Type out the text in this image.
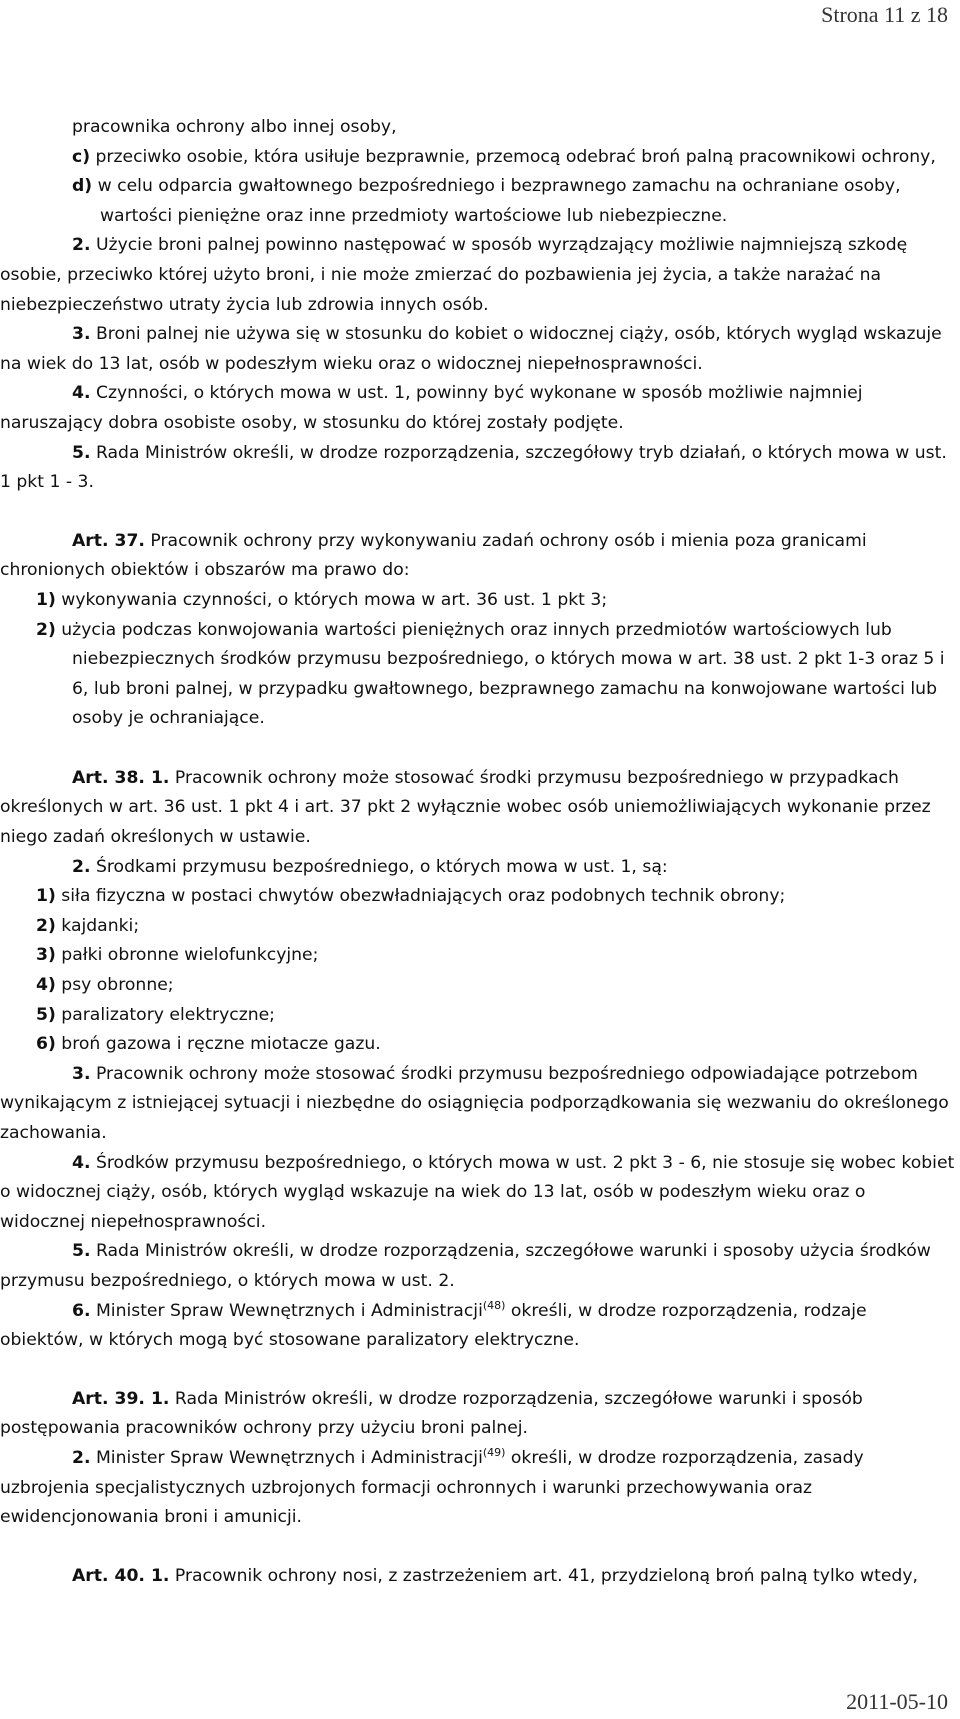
Strona 11 z 18

pracownika ochrony albo innej osoby,

c) przeciwko osobie, która usiłuje bezprawnie, przemocą odebrać broń palną pracownikowi ochrony,

d) w celu odparcia gwałtownego bezpośredniego i bezprawnego zamachu na ochraniane osoby, wartości pieniężne oraz inne przedmioty wartościowe lub niebezpieczne.

2. Użycie broni palnej powinno następować w sposób wyrządzający możliwie najmniejszą szkodę osobie, przeciwko której użyto broni, i nie może zmierzać do pozbawienia jej życia, a także narażać na niebezpieczeństwo utraty życia lub zdrowia innych osób.

3. Broni palnej nie używa się w stosunku do kobiet o widocznej ciąży, osób, których wygląd wskazuje na wiek do 13 lat, osób w podeszłym wieku oraz o widocznej niepełnosprawności.

4. Czynności, o których mowa w ust. 1, powinny być wykonane w sposób możliwie najmniej naruszający dobra osobiste osoby, w stosunku do której zostały podjęte.

5. Rada Ministrów określi, w drodze rozporządzenia, szczegółowy tryb działań, o których mowa w ust. 1 pkt 1 - 3.

Art. 37. Pracownik ochrony przy wykonywaniu zadań ochrony osób i mienia poza granicami chronionych obiektów i obszarów ma prawo do:

1) wykonywania czynności, o których mowa w art. 36 ust. 1 pkt 3;

2) użycia podczas konwojowania wartości pieniężnych oraz innych przedmiotów wartościowych lub niebezpiecznych środków przymusu bezpośredniego, o których mowa w art. 38 ust. 2 pkt 1-3 oraz 5 i 6, lub broni palnej, w przypadku gwałtownego, bezprawnego zamachu na konwojowane wartości lub osoby je ochraniające.

Art. 38. 1. Pracownik ochrony może stosować środki przymusu bezpośredniego w przypadkach określonych w art. 36 ust. 1 pkt 4 i art. 37 pkt 2 wyłącznie wobec osób uniemożliwiających wykonanie przez niego zadań określonych w ustawie.

2. Środkami przymusu bezpośredniego, o których mowa w ust. 1, są:

1) siła fizyczna w postaci chwytów obezwładniających oraz podobnych technik obrony;

2) kajdanki;

3) pałki obronne wielofunkcyjne;

4) psy obronne;

5) paralizatory elektryczne;

6) broń gazowa i ręczne miotacze gazu.

3. Pracownik ochrony może stosować środki przymusu bezpośredniego odpowiadające potrzebom wynikającym z istniejącej sytuacji i niezbędne do osiągnięcia podporządkowania się wezwaniu do określonego zachowania.

4. Środków przymusu bezpośredniego, o których mowa w ust. 2 pkt 3 - 6, nie stosuje się wobec kobiet o widocznej ciąży, osób, których wygląd wskazuje na wiek do 13 lat, osób w podeszłym wieku oraz o widocznej niepełnosprawności.

5. Rada Ministrów określi, w drodze rozporządzenia, szczegółowe warunki i sposoby użycia środków przymusu bezpośredniego, o których mowa w ust. 2.

6. Minister Spraw Wewnętrznych i Administracji$^{(48)}$ określi, w drodze rozporządzenia, rodzaje obiektów, w których mogą być stosowane paralizatory elektryczne.

Art. 39. 1. Rada Ministrów określi, w drodze rozporządzenia, szczegółowe warunki i sposób postępowania pracowników ochrony przy użyciu broni palnej.

2. Minister Spraw Wewnętrznych i Administracji$^{(49)}$ określi, w drodze rozporządzenia, zasady uzbrojenia specjalistycznych uzbrojonych formacji ochronnych i warunki przechowywania oraz ewidencjonowania broni i amunicji.

Art. 40. 1. Pracownik ochrony nosi, z zastrzeżeniem art. 41, przydzieloną broń palną tylko wtedy,

2011-05-10
